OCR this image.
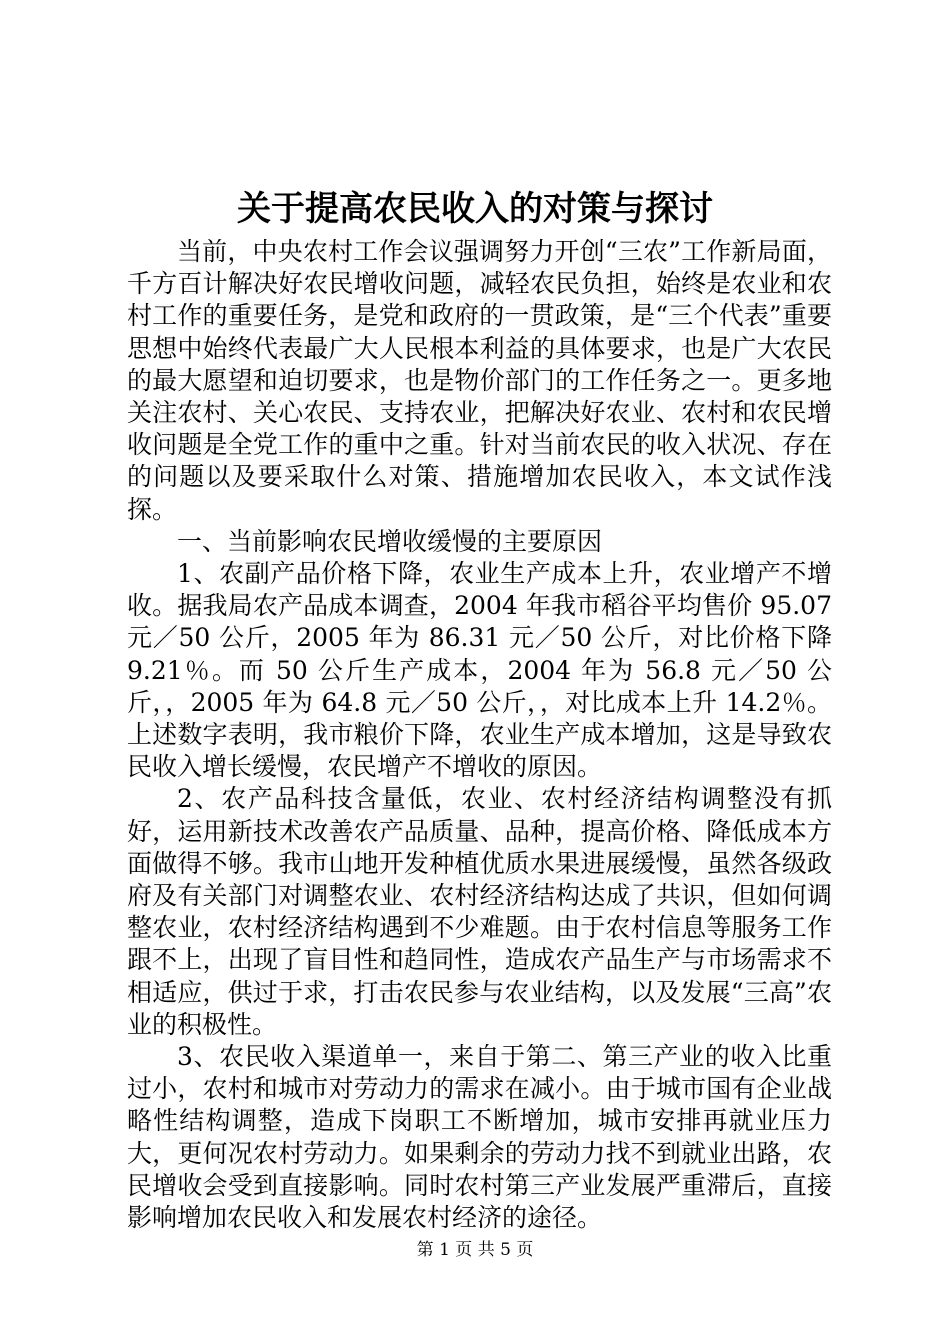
关于提高农民收入的对策与探讨

当前，中央农村工作会议强调努力开创“三农”工作新局面，千方百计解决好农民增收问题，减轻农民负担，始终是农业和农村工作的重要任务，是党和政府的一贯政策，是“三个代表”重要思想中始终代表最广大人民根本利益的具体要求，也是广大农民的最大愿望和迫切要求，也是物价部门的工作任务之一。更多地关注农村、关心农民、支持农业，把解决好农业、农村和农民增收问题是全党工作的重中之重。针对当前农民的收入状况、存在的问题以及要采取什么对策、措施增加农民收入，本文试作浅探。

一、当前影响农民增收缓慢的主要原因

1、农副产品价格下降，农业生产成本上升，农业增产不增收。据我局农产品成本调查，2004 年我市稻谷平均售价 95.07 元／50 公斤，2005 年为 86.31 元／50 公斤，对比价格下降 9.21％。而 50 公斤生产成本，2004 年为 56.8 元／50 公斤，，2005 年为 64.8 元／50 公斤，，对比成本上升 14.2％。上述数字表明，我市粮价下降，农业生产成本增加，这是导致农民收入增长缓慢，农民增产不增收的原因。

2、农产品科技含量低，农业、农村经济结构调整没有抓好，运用新技术改善农产品质量、品种，提高价格、降低成本方面做得不够。我市山地开发种植优质水果进展缓慢，虽然各级政府及有关部门对调整农业、农村经济结构达成了共识，但如何调整农业，农村经济结构遇到不少难题。由于农村信息等服务工作跟不上，出现了盲目性和趋同性，造成农产品生产与市场需求不相适应，供过于求，打击农民参与农业结构，以及发展“三高”农业的积极性。

3、农民收入渠道单一，来自于第二、第三产业的收入比重过小，农村和城市对劳动力的需求在减小。由于城市国有企业战略性结构调整，造成下岗职工不断增加，城市安排再就业压力大，更何况农村劳动力。如果剩余的劳动力找不到就业出路，农民增收会受到直接影响。同时农村第三产业发展严重滞后，直接影响增加农民收入和发展农村经济的途径。

第 1 页 共 5 页
